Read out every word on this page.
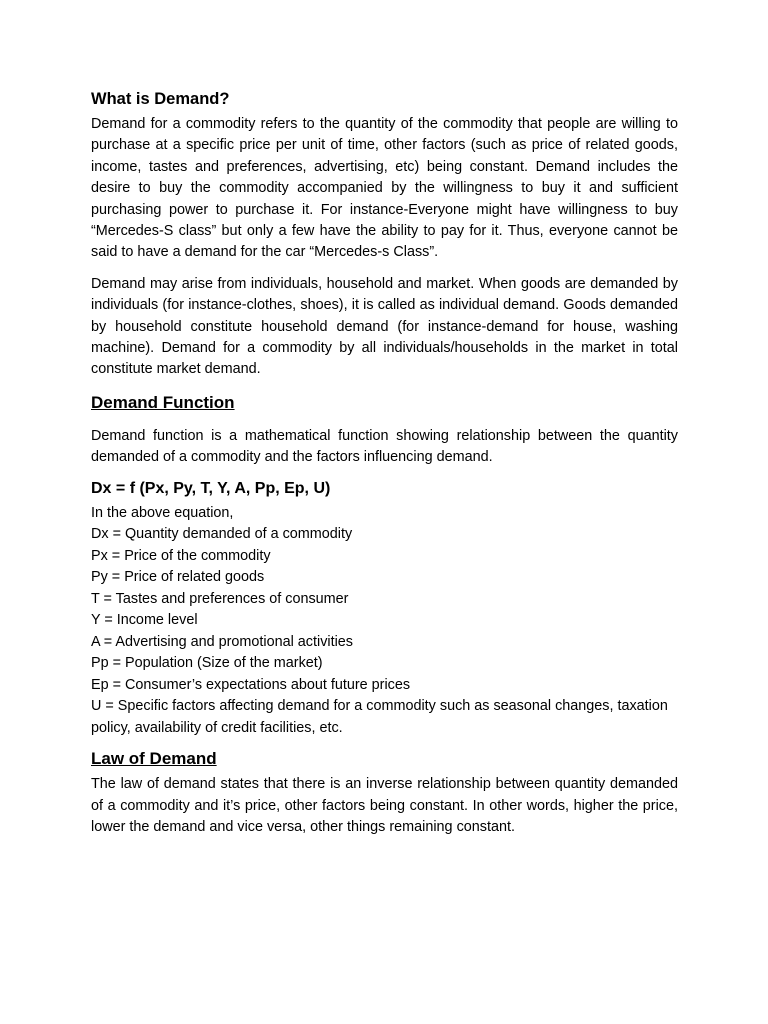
What is Demand?

Demand for a commodity refers to the quantity of the commodity that people are willing to purchase at a specific price per unit of time, other factors (such as price of related goods, income, tastes and preferences, advertising, etc) being constant. Demand includes the desire to buy the commodity accompanied by the willingness to buy it and sufficient purchasing power to purchase it. For instance-Everyone might have willingness to buy “Mercedes-S class” but only a few have the ability to pay for it. Thus, everyone cannot be said to have a demand for the car “Mercedes-s Class”.

Demand may arise from individuals, household and market. When goods are demanded by individuals (for instance-clothes, shoes), it is called as individual demand. Goods demanded by household constitute household demand (for instance-demand for house, washing machine). Demand for a commodity by all individuals/households in the market in total constitute market demand.

Demand Function

Demand function is a mathematical function showing relationship between the quantity demanded of a commodity and the factors influencing demand.

Dx = f (Px, Py, T, Y, A, Pp, Ep, U)

In the above equation,

Dx = Quantity demanded of a commodity

Px = Price of the commodity

Py = Price of related goods

T = Tastes and preferences of consumer

Y = Income level

A = Advertising and promotional activities

Pp = Population (Size of the market)

Ep = Consumer’s expectations about future prices

U = Specific factors affecting demand for a commodity such as seasonal changes, taxation policy, availability of credit facilities, etc.

Law of Demand

The law of demand states that there is an inverse relationship between quantity demanded of a commodity and it’s price, other factors being constant. In other words, higher the price, lower the demand and vice versa, other things remaining constant.
